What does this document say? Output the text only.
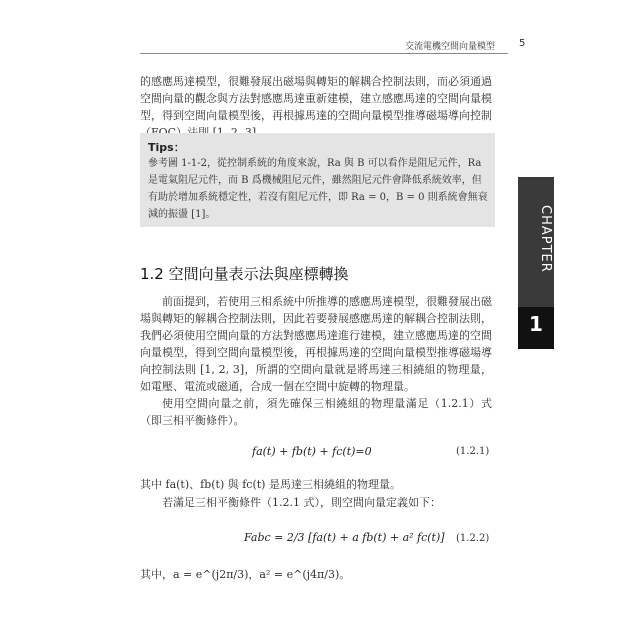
交流電機空間向量模型 5
的感應馬達模型，很難發展出磁場與轉矩的解耦合控制法則，而必須通過空間向量的觀念與方法對感應馬達重新建模，建立感應馬達的空間向量模型，得到空間向量模型後，再根據馬達的空間向量模型推導磁場導向控制
Tips：
參考圖 1-1-2，從控制系統的角度來說，Ra 與 B 可以看作是阻尼元件，Ra 是電氣阻尼元件，而 B 爲機械阻尼元件，雖然阻尼元件會降低系統效率，但有助於增加系統穩定性，若沒有阻尼元件，即 Ra = 0，B = 0 則系統會無衰減的振盪 [1]。
1.2 空間向量表示法與座標轉換
前面提到，若使用三相系統中所推導的感應馬達模型，很難發展出磁場與轉矩的解耦合控制法則，因此若要發展感應馬達的解耦合控制法則，我們必須使用空間向量的方法對感應馬達進行建模，建立感應馬達的空間向量模型，得到空間向量模型後，再根據馬達的空間向量模型推導磁場導向控制法則 [1, 2, 3]，所謂的空間向量就是將馬達三相繞組的物理量，如電壓、電流或磁通，合成一個在空間中旋轉的物理量。
使用空間向量之前，須先確保三相繞組的物理量滿足（1.2.1）式（即三相平衡條件）。
fa(t) + fb(t) + fc(t)=0	(1.2.1)
其中 fa(t)、fb(t) 與 fc(t) 是馬達三相繞組的物理量。
若滿足三相平衡條件（1.2.1 式），則空間向量定義如下：
Fabc = 2/3 [fa(t) + a fb(t) + a² fc(t)] (1.2.2)
其中，a = e^(j2π/3)，a² = e^(j4π/3)。
CHAPTER
1
